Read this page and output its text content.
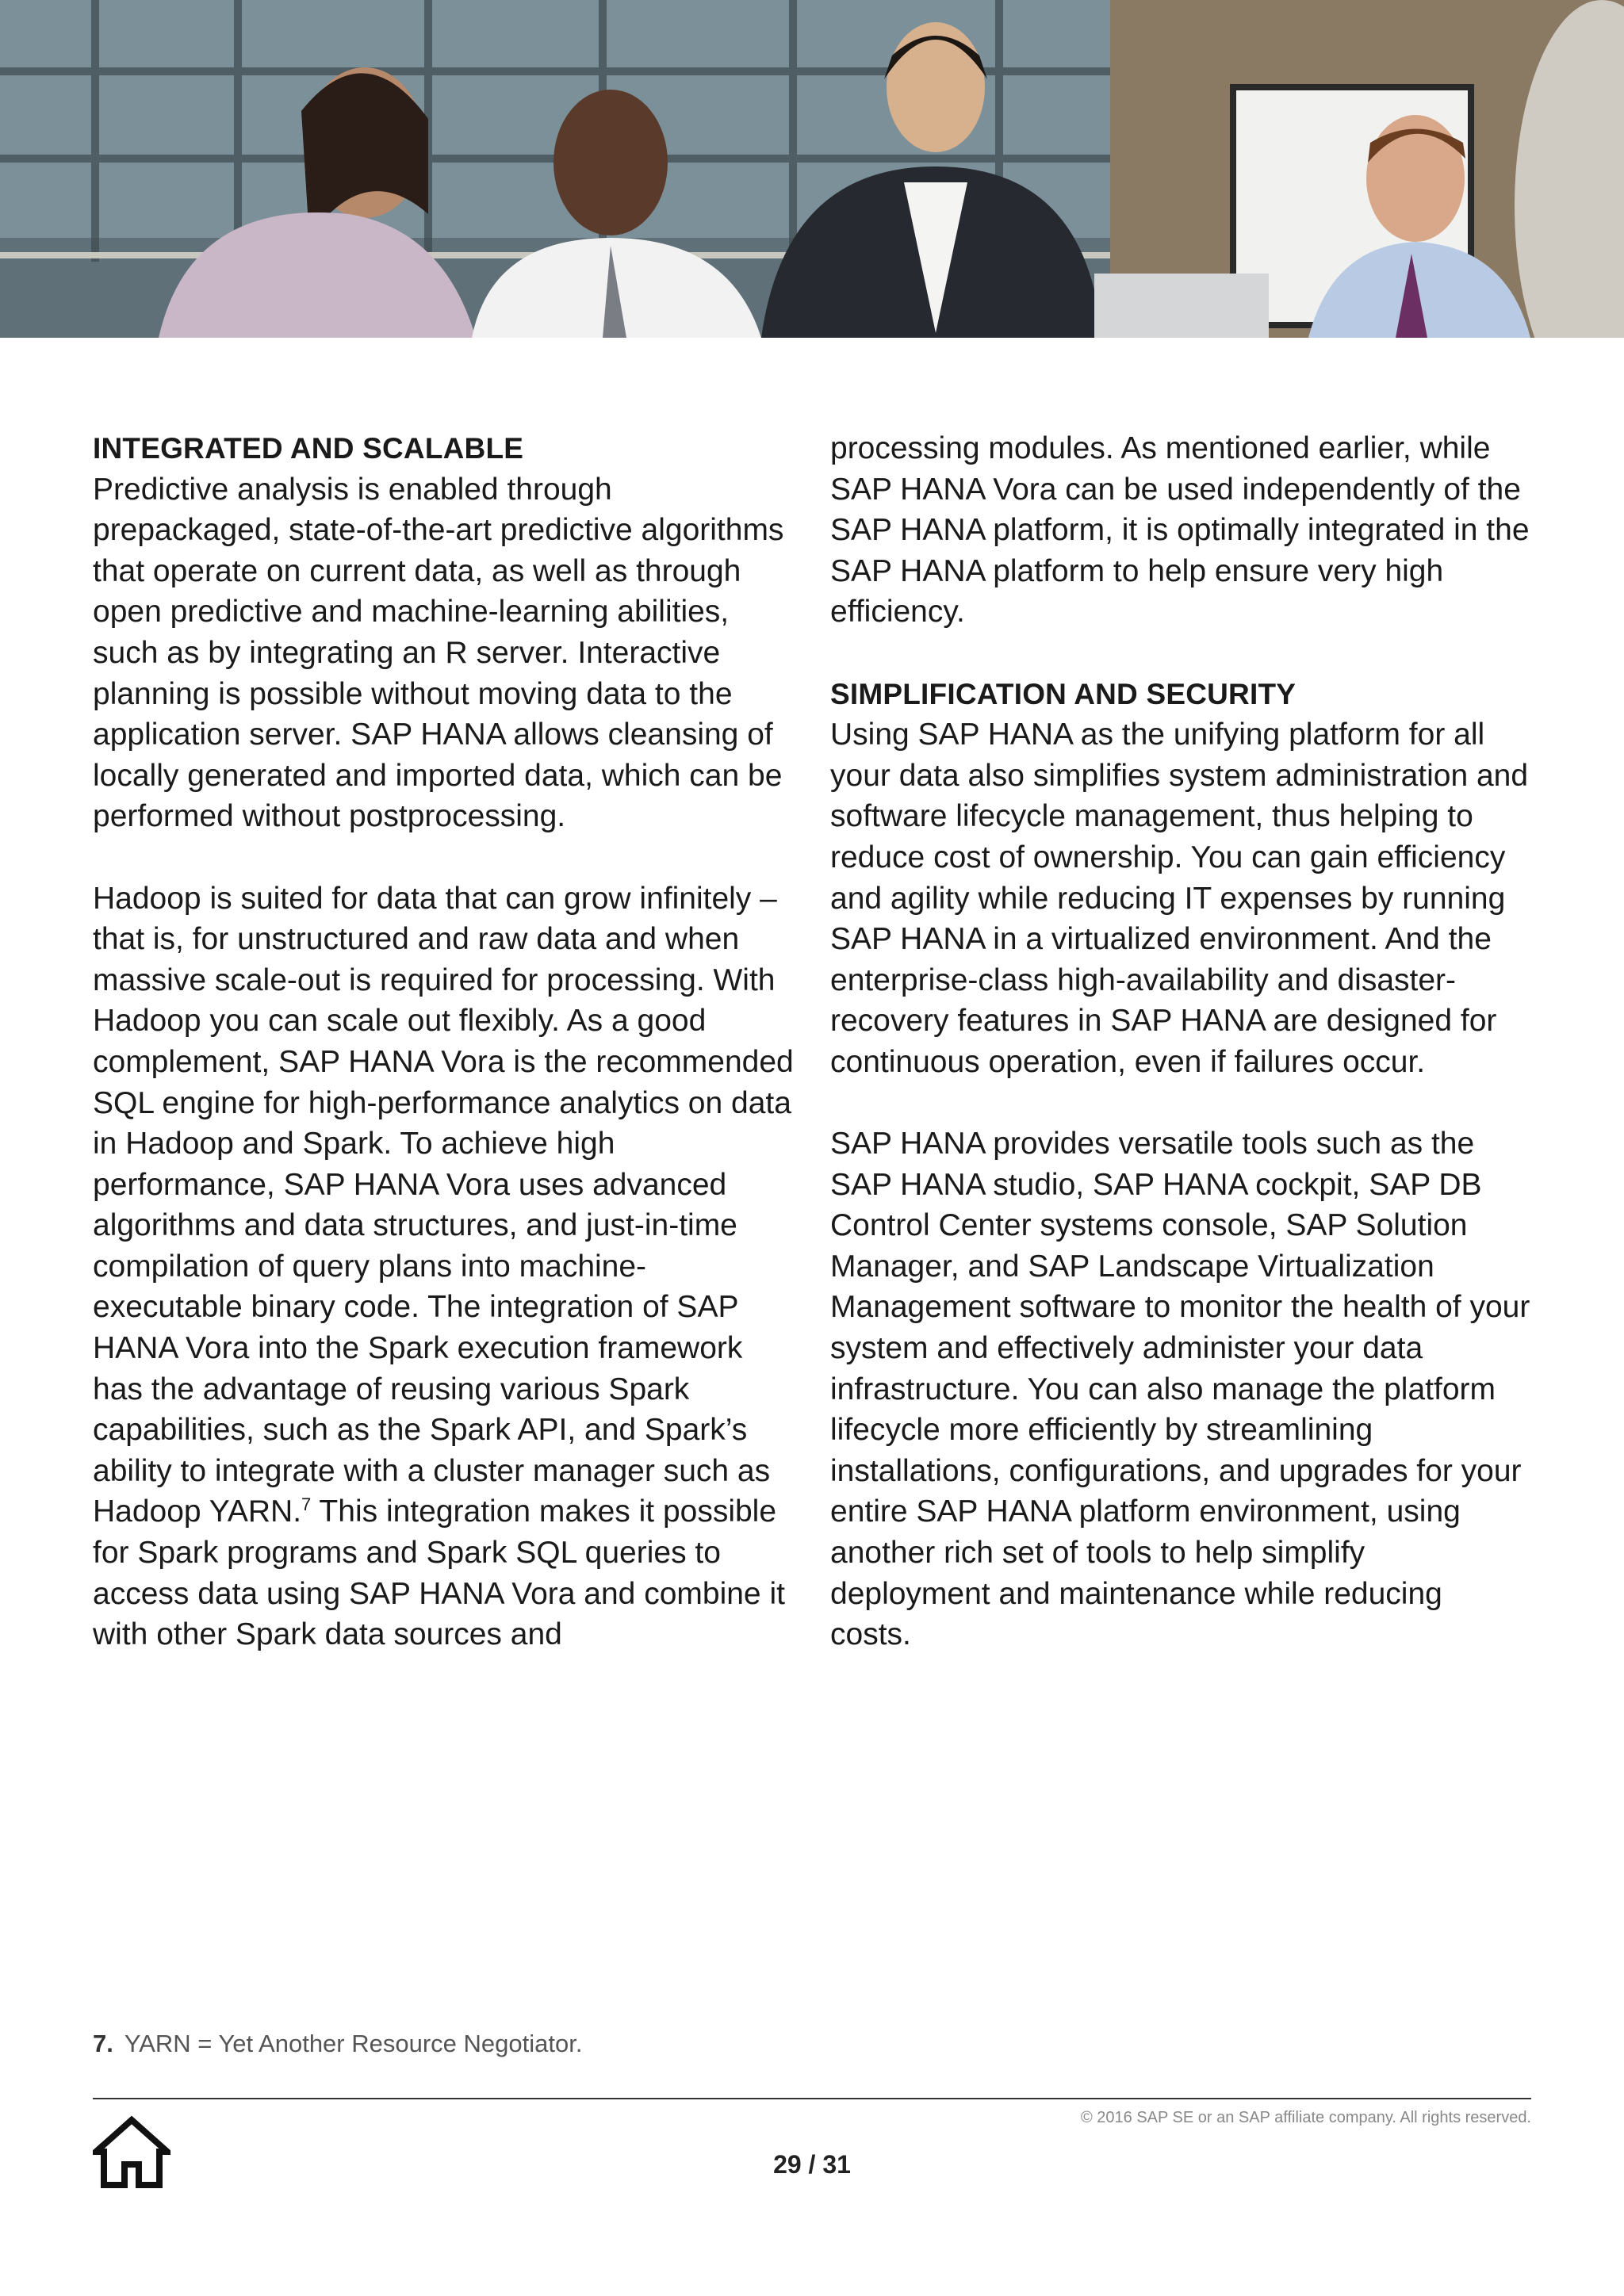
INTEGRATED AND SCALABLE

Predictive analysis is enabled through prepackaged, state-of-the-art predictive algorithms that operate on current data, as well as through open predictive and machine-learning abilities, such as by integrating an R server. Interactive planning is possible without moving data to the application server. SAP HANA allows cleansing of locally generated and imported data, which can be performed without postprocessing.

Hadoop is suited for data that can grow infinitely – that is, for unstructured and raw data and when massive scale-out is required for processing. With Hadoop you can scale out flexibly. As a good complement, SAP HANA Vora is the recommended SQL engine for high-performance analytics on data in Hadoop and Spark. To achieve high performance, SAP HANA Vora uses advanced algorithms and data structures, and just-in-time compilation of query plans into machine-executable binary code. The integration of SAP HANA Vora into the Spark execution framework has the advantage of reusing various Spark capabilities, such as the Spark API, and Spark’s ability to integrate with a cluster manager such as Hadoop YARN.$^7$ This integration makes it possible for Spark programs and Spark SQL queries to access data using SAP HANA Vora and combine it with other Spark data sources and

processing modules. As mentioned earlier, while SAP HANA Vora can be used independently of the SAP HANA platform, it is optimally integrated in the SAP HANA platform to help ensure very high efficiency.

SIMPLIFICATION AND SECURITY

Using SAP HANA as the unifying platform for all your data also simplifies system administration and software lifecycle management, thus helping to reduce cost of ownership. You can gain efficiency and agility while reducing IT expenses by running SAP HANA in a virtualized environment. And the enterprise-class high-availability and disaster-recovery features in SAP HANA are designed for continuous operation, even if failures occur.

SAP HANA provides versatile tools such as the SAP HANA studio, SAP HANA cockpit, SAP DB Control Center systems console, SAP Solution Manager, and SAP Landscape Virtualization Management software to monitor the health of your system and effectively administer your data infrastructure. You can also manage the platform lifecycle more efficiently by streamlining installations, configurations, and upgrades for your entire SAP HANA platform environment, using another rich set of tools to help simplify deployment and maintenance while reducing costs.

7. YARN = Yet Another Resource Negotiator.
© 2016 SAP SE or an SAP affiliate company. All rights reserved.
29 / 31
